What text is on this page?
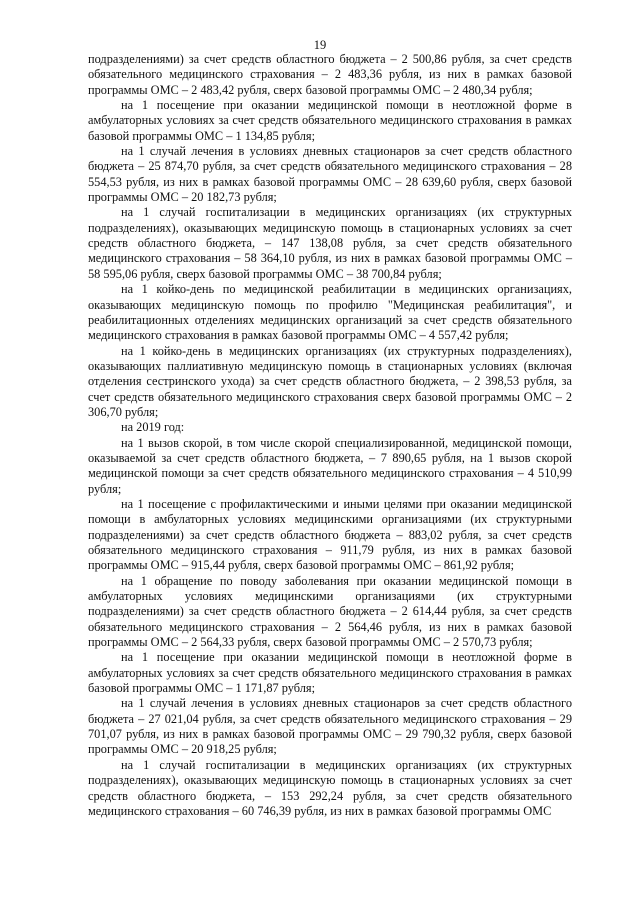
19

подразделениями) за счет средств областного бюджета – 2 500,86 рубля, за счет средств обязательного медицинского страхования – 2 483,36 рубля, из них в рамках базовой программы ОМС – 2 483,42 рубля, сверх базовой программы ОМС – 2 480,34 рубля;

на 1 посещение при оказании медицинской помощи в неотложной форме в амбулаторных условиях за счет средств обязательного медицинского страхования в рамках базовой программы ОМС – 1 134,85 рубля;

на 1 случай лечения в условиях дневных стационаров за счет средств областного бюджета – 25 874,70 рубля, за счет средств обязательного медицинского страхования – 28 554,53 рубля, из них в рамках базовой программы ОМС – 28 639,60 рубля, сверх базовой программы ОМС – 20 182,73 рубля;

на 1 случай госпитализации в медицинских организациях (их структурных подразделениях), оказывающих медицинскую помощь в стационарных условиях за счет средств областного бюджета, – 147 138,08 рубля, за счет средств обязательного медицинского страхования – 58 364,10 рубля, из них в рамках базовой программы ОМС – 58 595,06 рубля, сверх базовой программы ОМС – 38 700,84 рубля;

на 1 койко-день по медицинской реабилитации в медицинских организациях, оказывающих медицинскую помощь по профилю "Медицинская реабилитация", и реабилитационных отделениях медицинских организаций за счет средств обязательного медицинского страхования в рамках базовой программы ОМС – 4 557,42 рубля;

на 1 койко-день в медицинских организациях (их структурных подразделениях), оказывающих паллиативную медицинскую помощь в стационарных условиях (включая отделения сестринского ухода) за счет средств областного бюджета, – 2 398,53 рубля, за счет средств обязательного медицинского страхования сверх базовой программы ОМС – 2 306,70 рубля;

на 2019 год:

на 1 вызов скорой, в том числе скорой специализированной, медицинской помощи, оказываемой за счет средств областного бюджета, – 7 890,65 рубля, на 1 вызов скорой медицинской помощи за счет средств обязательного медицинского страхования – 4 510,99 рубля;

на 1 посещение с профилактическими и иными целями при оказании медицинской помощи в амбулаторных условиях медицинскими организациями (их структурными подразделениями) за счет средств областного бюджета – 883,02 рубля, за счет средств обязательного медицинского страхования – 911,79 рубля, из них в рамках базовой программы ОМС – 915,44 рубля, сверх базовой программы ОМС – 861,92 рубля;

на 1 обращение по поводу заболевания при оказании медицинской помощи в амбулаторных условиях медицинскими организациями (их структурными подразделениями) за счет средств областного бюджета – 2 614,44 рубля, за счет средств обязательного медицинского страхования – 2 564,46 рубля, из них в рамках базовой программы ОМС – 2 564,33 рубля, сверх базовой программы ОМС – 2 570,73 рубля;

на 1 посещение при оказании медицинской помощи в неотложной форме в амбулаторных условиях за счет средств обязательного медицинского страхования в рамках базовой программы ОМС – 1 171,87 рубля;

на 1 случай лечения в условиях дневных стационаров за счет средств областного бюджета – 27 021,04 рубля, за счет средств обязательного медицинского страхования – 29 701,07 рубля, из них в рамках базовой программы ОМС – 29 790,32 рубля, сверх базовой программы ОМС – 20 918,25 рубля;

на 1 случай госпитализации в медицинских организациях (их структурных подразделениях), оказывающих медицинскую помощь в стационарных условиях за счет средств областного бюджета, – 153 292,24 рубля, за счет средств обязательного медицинского страхования – 60 746,39 рубля, из них в рамках базовой программы ОМС
